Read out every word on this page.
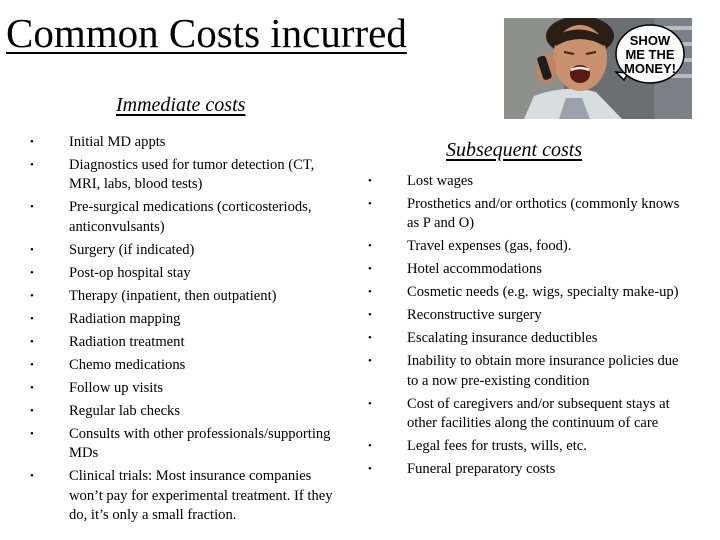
Common Costs incurred	SHOW
ME THE
MONEY!
Immediate costs
• Initial MD appts
• Diagnostics used for tumor detection (CT, MRI, labs, blood tests)
• Pre-surgical medications (corticosteriods, anticonvulsants)
• Surgery (if indicated)
• Post-op hospital stay
• Therapy (inpatient, then outpatient)
• Radiation mapping
• Radiation treatment
• Chemo medications
• Follow up visits
• Regular lab checks
• Consults with other professionals/supporting MDs
• Clinical trials: Most insurance companies won’t pay for experimental treatment. If they do, it’s only a small fraction.
Subsequent costs
• Lost wages
• Prosthetics and/or orthotics (commonly knows as P and O)
• Travel expenses (gas, food).
• Hotel accommodations
• Cosmetic needs (e.g. wigs, specialty make-up)
• Reconstructive surgery
• Escalating insurance deductibles
• Inability to obtain more insurance policies due to a now pre-existing condition
• Cost of caregivers and/or subsequent stays at other facilities along the continuum of care
• Legal fees for trusts, wills, etc.
• Funeral preparatory costs
